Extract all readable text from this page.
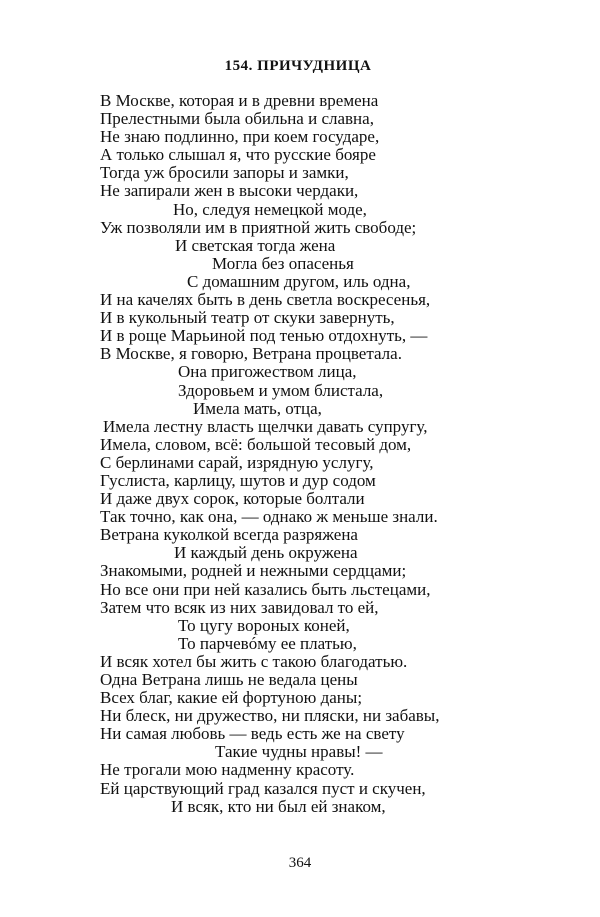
154. ПРИЧУДНИЦА
В Москве, которая и в древни времена
Прелестными была обильна и славна,
Не знаю подлинно, при коем государе,
А только слышал я, что русские бояре
Тогда уж бросили запоры и замки,
Не запирали жен в высоки чердаки,
Но, следуя немецкой моде,
Уж позволяли им в приятной жить свободе;
И светская тогда жена
Могла без опасенья
С домашним другом, иль одна,
И на качелях быть в день светла воскресенья,
И в кукольный театр от скуки завернуть,
И в роще Марьиной под тенью отдохнуть, —
В Москве, я говорю, Ветрана процветала.
Она пригожеством лица,
Здоровьем и умом блистала,
Имела мать, отца,
Имела лестну власть щелчки давать супругу,
Имела, словом, всё: большой тесовый дом,
С берлинами сарай, изрядную услугу,
Гуслиста, карлицу, шутов и дур содом
И даже двух сорок, которые болтали
Так точно, как она, — однако ж меньше знали.
Ветрана куколкой всегда разряжена
И каждый день окружена
Знакомыми, родней и нежными сердцами;
Но все они при ней казались быть льстецами,
Затем что всяк из них завидовал то ей,
То цугу вороных коней,
То парчевóму ее платью,
И всяк хотел бы жить с такою благодатью.
Одна Ветрана лишь не ведала цены
Всех благ, какие ей фортуною даны;
Ни блеск, ни дружество, ни пляски, ни забавы,
Ни самая любовь — ведь есть же на свету
Такие чудны нравы! —
Не трогали мою надменну красоту.
Ей царствующий град казался пуст и скучен,
И всяк, кто ни был ей знаком,
364
